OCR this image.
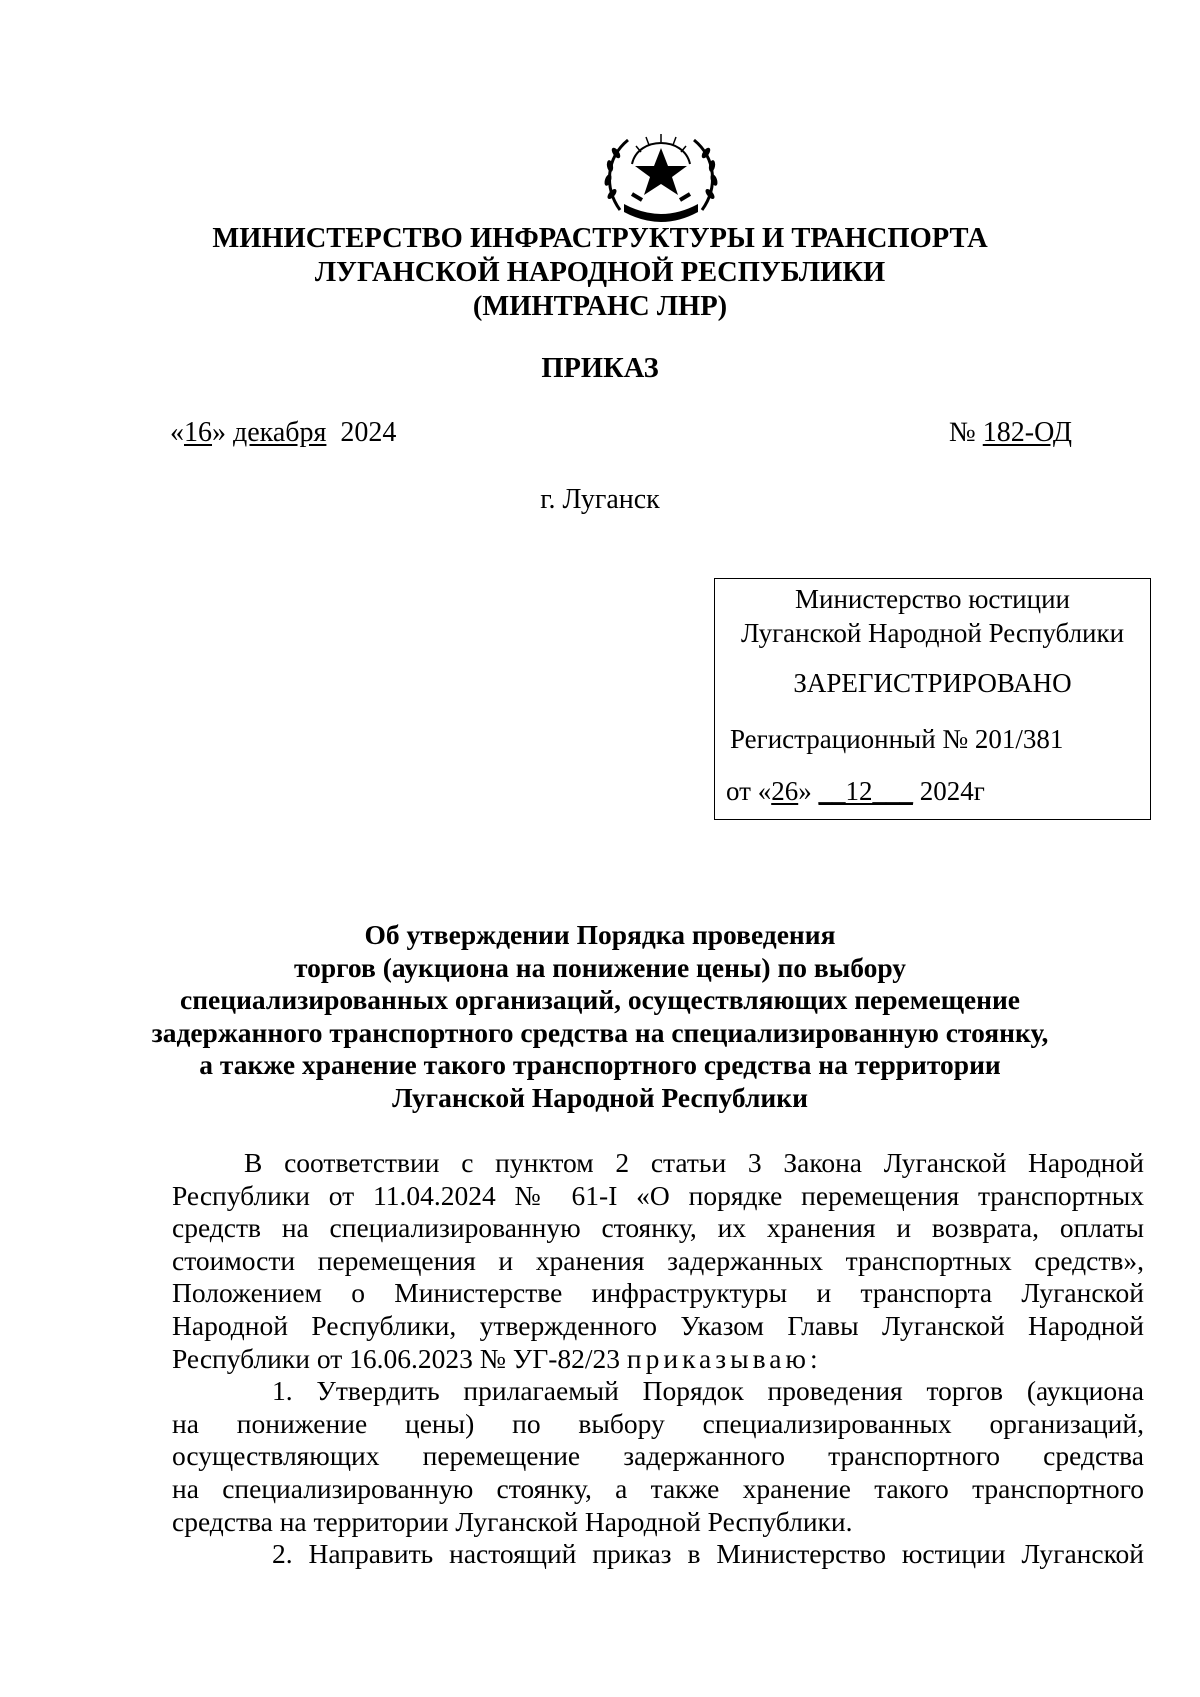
МИНИСТЕРСТВО ИНФРАСТРУКТУРЫ И ТРАНСПОРТА
ЛУГАНСКОЙ НАРОДНОЙ РЕСПУБЛИКИ
(МИНТРАНС ЛНР)
ПРИКАЗ
«16» декабря 2024	№ 182-ОД
г. Луганск
Министерство юстиции
Луганской Народной Республики
ЗАРЕГИСТРИРОВАНО
Регистрационный № 201/381
от «26» __12___ 2024г
Об утверждении Порядка проведения
торгов (аукциона на понижение цены) по выбору
специализированных организаций, осуществляющих перемещение
задержанного транспортного средства на специализированную стоянку,
а также хранение такого транспортного средства на территории
Луганской Народной Республики
В соответствии с пунктом 2 статьи 3 Закона Луганской Народной
Республики от 11.04.2024 № 61-I «О порядке перемещения транспортных
средств на специализированную стоянку, их хранения и возврата, оплаты
стоимости перемещения и хранения задержанных транспортных средств»,
Положением о Министерстве инфраструктуры и транспорта Луганской
Народной Республики, утвержденного Указом Главы Луганской Народной
Республики от 16.06.2023 № УГ-82/23 приказываю:
1. Утвердить прилагаемый Порядок проведения торгов (аукциона
на понижение цены) по выбору специализированных организаций,
осуществляющих перемещение задержанного транспортного средства
на специализированную стоянку, а также хранение такого транспортного
средства на территории Луганской Народной Республики.
2. Направить настоящий приказ в Министерство юстиции Луганской
